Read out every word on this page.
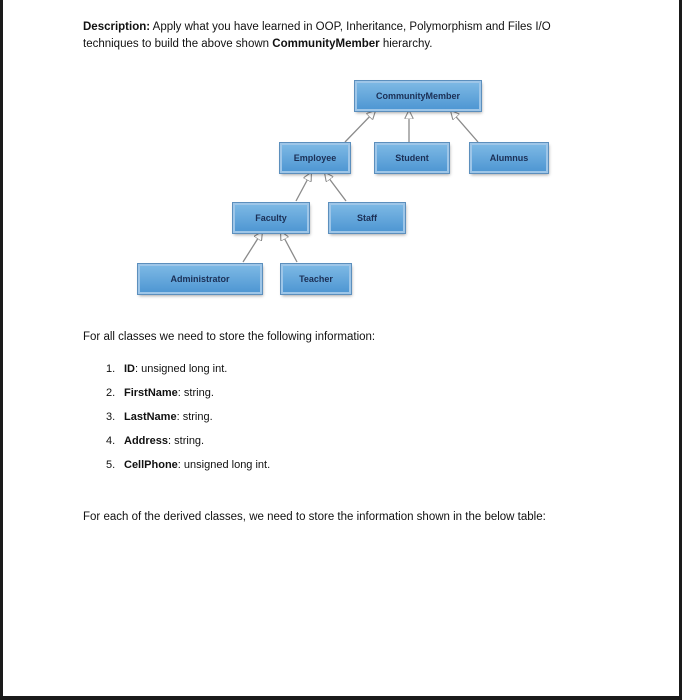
Description: Apply what you have learned in OOP, Inheritance, Polymorphism and Files I/O techniques to build the above shown CommunityMember hierarchy.
CommunityMember
Employee	Student	Alumnus
Faculty	Staff
Administrator	Teacher
For all classes we need to store the following information:
1. ID: unsigned long int.
2. FirstName: string.
3. LastName: string.
4. Address: string.
5. CellPhone: unsigned long int.
For each of the derived classes, we need to store the information shown in the below table:
